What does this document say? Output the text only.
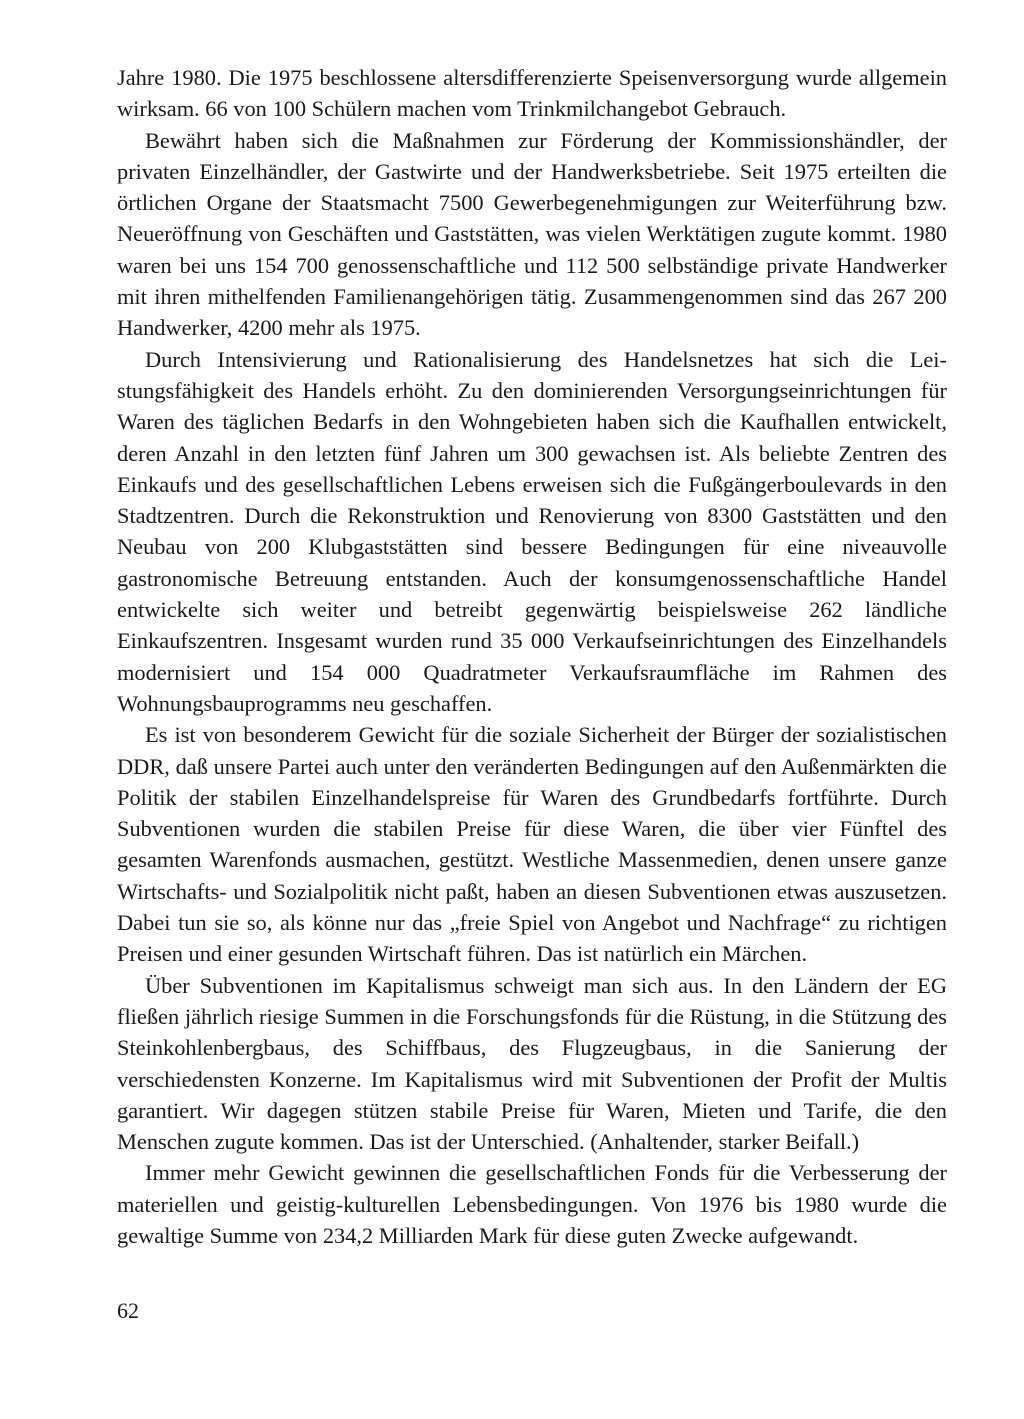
Jahre 1980. Die 1975 beschlossene altersdifferenzierte Speisenversorgung wurde allgemein wirksam. 66 von 100 Schülern machen vom Trinkmilchangebot Gebrauch.

Bewährt haben sich die Maßnahmen zur Förderung der Kommissionshändler, der privaten Einzelhändler, der Gastwirte und der Handwerksbetriebe. Seit 1975 erteilten die örtlichen Organe der Staatsmacht 7500 Gewerbegenehmigungen zur Weiterführung bzw. Neueröffnung von Geschäften und Gaststätten, was vielen Werktätigen zugute kommt. 1980 waren bei uns 154 700 genossenschaftliche und 112 500 selbständige private Handwerker mit ihren mithelfenden Familienangehörigen tätig. Zusammengenommen sind das 267 200 Handwerker, 4200 mehr als 1975.

Durch Intensivierung und Rationalisierung des Handelsnetzes hat sich die Leistungsfähigkeit des Handels erhöht. Zu den dominierenden Versorgungseinrichtungen für Waren des täglichen Bedarfs in den Wohngebieten haben sich die Kaufhallen entwickelt, deren Anzahl in den letzten fünf Jahren um 300 gewachsen ist. Als beliebte Zentren des Einkaufs und des gesellschaftlichen Lebens erweisen sich die Fußgängerboulevards in den Stadtzentren. Durch die Rekonstruktion und Renovierung von 8300 Gaststätten und den Neubau von 200 Klubgaststätten sind bessere Bedingungen für eine niveauvolle gastronomische Betreuung entstanden. Auch der konsumgenossenschaftliche Handel entwickelte sich weiter und betreibt gegenwärtig beispielsweise 262 ländliche Einkaufszentren. Insgesamt wurden rund 35 000 Verkaufseinrichtungen des Einzelhandels modernisiert und 154 000 Quadratmeter Verkaufsraumfläche im Rahmen des Wohnungsbauprogramms neu geschaffen.

Es ist von besonderem Gewicht für die soziale Sicherheit der Bürger der sozialistischen DDR, daß unsere Partei auch unter den veränderten Bedingungen auf den Außenmärkten die Politik der stabilen Einzelhandelspreise für Waren des Grundbedarfs fortführte. Durch Subventionen wurden die stabilen Preise für diese Waren, die über vier Fünftel des gesamten Warenfonds ausmachen, gestützt. Westliche Massenmedien, denen unsere ganze Wirtschafts- und Sozialpolitik nicht paßt, haben an diesen Subventionen etwas auszusetzen. Dabei tun sie so, als könne nur das „freie Spiel von Angebot und Nachfrage“ zu richtigen Preisen und einer gesunden Wirtschaft führen. Das ist natürlich ein Märchen.

Über Subventionen im Kapitalismus schweigt man sich aus. In den Ländern der EG fließen jährlich riesige Summen in die Forschungsfonds für die Rüstung, in die Stützung des Steinkohlenbergbaus, des Schiffbaus, des Flugzeugbaus, in die Sanierung der verschiedensten Konzerne. Im Kapitalismus wird mit Subventionen der Profit der Multis garantiert. Wir dagegen stützen stabile Preise für Waren, Mieten und Tarife, die den Menschen zugute kommen. Das ist der Unterschied. (Anhaltender, starker Beifall.)

Immer mehr Gewicht gewinnen die gesellschaftlichen Fonds für die Verbesserung der materiellen und geistig-kulturellen Lebensbedingungen. Von 1976 bis 1980 wurde die gewaltige Summe von 234,2 Milliarden Mark für diese guten Zwecke aufgewandt.

62
